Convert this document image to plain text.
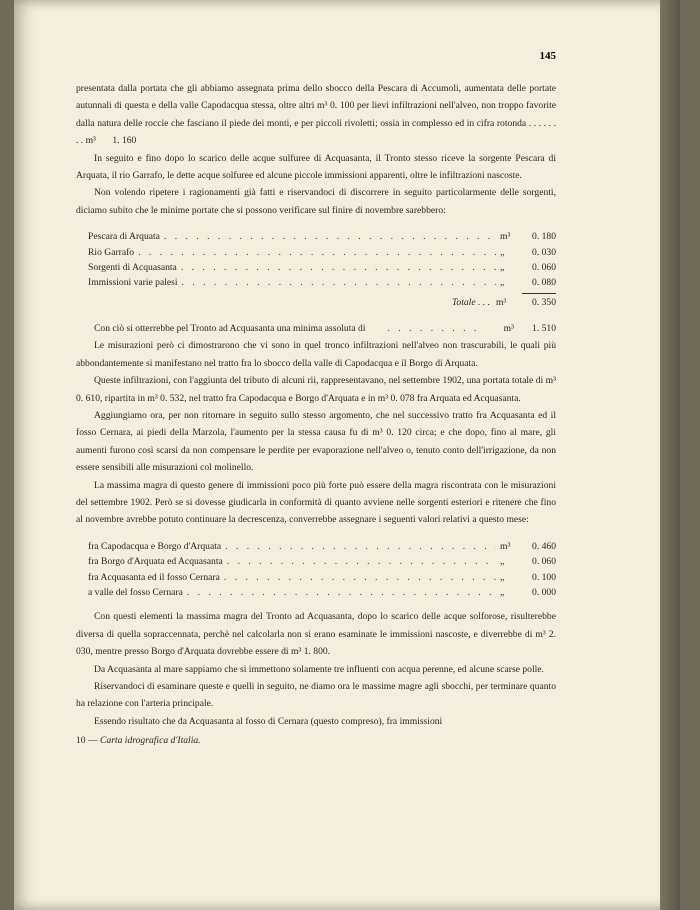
145

presentata dalla portata che gli abbiamo assegnata prima dello sbocco della Pescara di Accumoli, aumentata delle portate autunnali di questa e della valle Capodacqua stessa, oltre altri m³ 0. 100 per lievi infiltrazioni nell'alveo, non troppo favorite dalla natura delle roccie che fasciano il piede dei monti, e per piccoli rivoletti; ossia in complesso ed in cifra rotonda . . . . . . . . m³ 1. 160

In seguito e fino dopo lo scarico delle acque sulfuree di Acquasanta, il Tronto stesso riceve la sorgente Pescara di Arquata, il rio Garrafo, le dette acque solfuree ed alcune piccole immissioni apparenti, oltre le infiltrazioni nascoste.

Non volendo ripetere i ragionamenti già fatti e riservandoci di discorrere in seguito particolarmente delle sorgenti, diciamo subito che le minime portate che si possono verificare sul finire di novembre sarebbero:

Pescara di Arquata . . .	m³	0. 180
Rio Garrafo . . .	„	0. 030
Sorgenti di Acquasanta . . .	„	0. 060
Immissioni varie palesi . . .	„	0. 080
Totale . . . m³	0. 350

Con ciò si otterrebbe pel Tronto ad Acquasanta una minima assoluta di . . .	m³	1. 510

Le misurazioni però ci dimostrarono che vi sono in quel tronco infiltrazioni nell'alveo non trascurabili, le quali più abbondantemente si manifestano nel tratto fra lo sbocco della valle di Capodacqua e il Borgo di Arquata.

Queste infiltrazioni, con l'aggiunta del tributo di alcuni rii, rappresentavano, nel settembre 1902, una portata totale di m³ 0. 610, ripartita in m³ 0. 532, nel tratto fra Capodacqua e Borgo d'Arquata e in m³ 0. 078 fra Arquata ed Acquasanta.

Aggiungiamo ora, per non ritornare in seguito sullo stesso argomento, che nel successivo tratto fra Acquasanta ed il fosso Cernara, ai piedi della Marzola, l'aumento per la stessa causa fu di m³ 0. 120 circa; e che dopo, fino al mare, gli aumenti furono così scarsi da non compensare le perdite per evaporazione nell'alveo o, tenuto conto dell'irrigazione, da non essere sensibili alle misurazioni col molinello.

La massima magra di questo genere di immissioni poco più forte può essere della magra riscontrata con le misurazioni del settembre 1902. Però se si dovesse giudicarla in conformità di quanto avviene nelle sorgenti esteriori e ritenere che fino al novembre avrebbe potuto continuare la decrescenza, converrebbe assegnare i seguenti valori relativi a questo mese:

fra Capodacqua e Borgo d'Arquata . . .	m³	0. 460
fra Borgo d'Arquata ed Acquasanta . . .	„	0. 060
fra Acquasanta ed il fosso Cernara . . .	„	0. 100
a valle del fosso Cernara . . .	„	0. 000

Con questi elementi la massima magra del Tronto ad Acquasanta, dopo lo scarico delle acque solforose, risulterebbe diversa di quella sopraccennata, perchè nel calcolarla non si erano esaminate le immissioni nascoste, e diverrebbe di m³ 2. 030, mentre presso Borgo d'Arquata dovrebbe essere di m³ 1. 800.

Da Acquasanta al mare sappiamo che si immettono solamente tre influenti con acqua perenne, ed alcune scarse polle.

Riservandoci di esaminare queste e quelli in seguito, ne diamo ora le massime magre agli sbocchi, per terminare quanto ha relazione con l'arteria principale.

Essendo risultato che da Acquasanta al fosso di Cernara (questo compreso), fra immissioni

10 — Carta idrografica d'Italia.
